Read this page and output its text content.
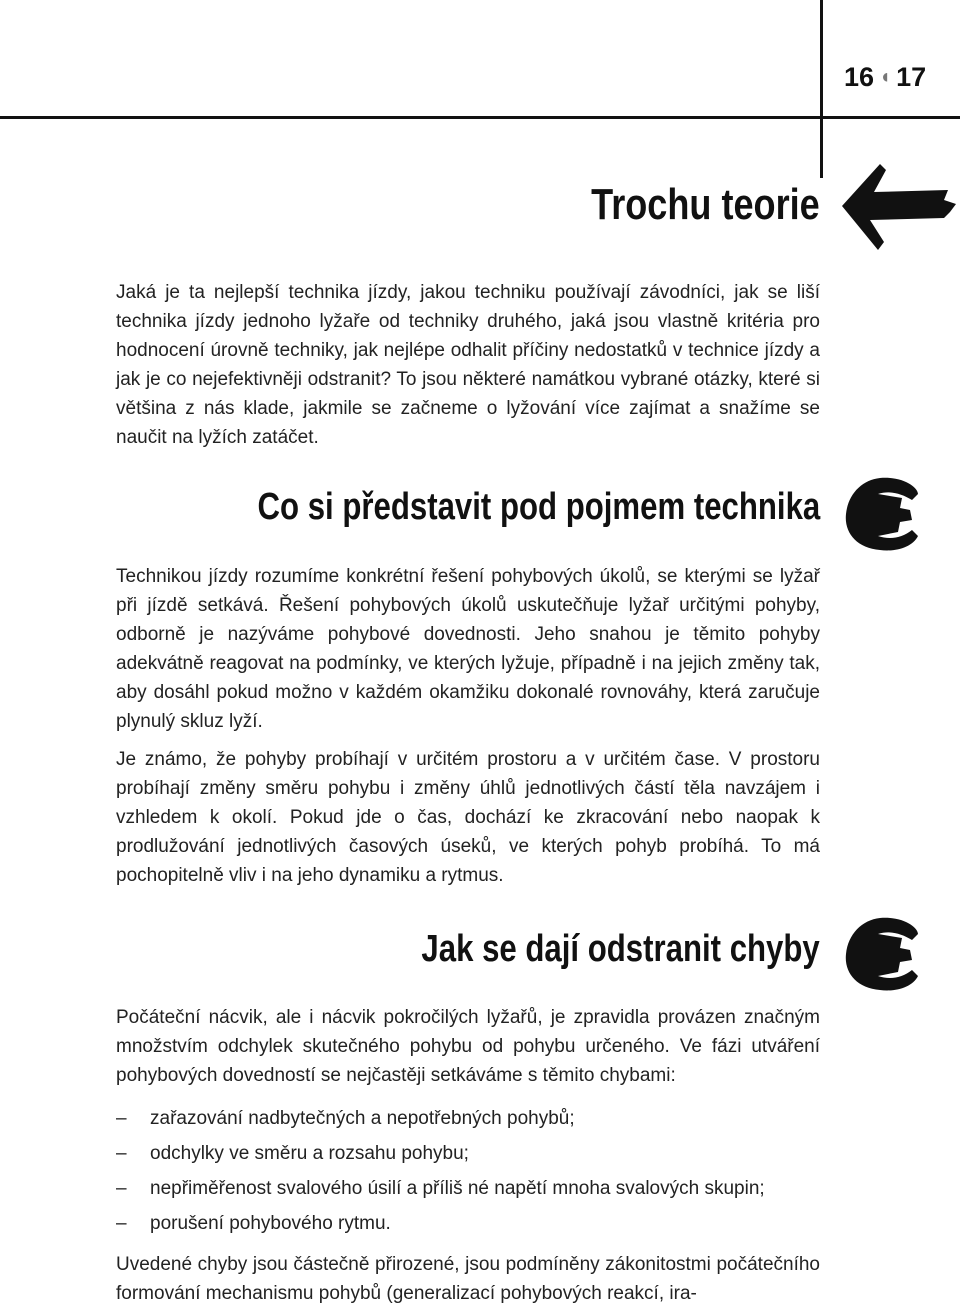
16 ◖ 17
Trochu teorie

Jaká je ta nejlepší technika jízdy, jakou techniku používají závodníci, jak se liší technika jízdy jednoho lyžaře od techniky druhého, jaká jsou vlastně kritéria pro hodnocení úrovně techniky, jak nejlépe odhalit příčiny nedostatků v technice jízdy a jak je co nejefektivněji odstranit? To jsou některé namátkou vybrané otázky, které si většina z nás klade, jakmile se začneme o lyžování více zajímat a snažíme se naučit na lyžích zatáčet.

Co si představit pod pojmem technika

Technikou jízdy rozumíme konkrétní řešení pohybových úkolů, se kterými se lyžař při jízdě setkává. Řešení pohybových úkolů uskutečňuje lyžař určitými pohyby, odborně je nazýváme pohybové dovednosti. Jeho snahou je těmito pohyby adekvátně reagovat na podmínky, ve kterých lyžuje, případně i na jejich změny tak, aby dosáhl pokud možno v každém okamžiku dokonalé rovnováhy, která zaručuje plynulý skluz lyží.

Je známo, že pohyby probíhají v určitém prostoru a v určitém čase. V prostoru probíhají změny směru pohybu i změny úhlů jednotlivých částí těla navzájem i vzhledem k okolí. Pokud jde o čas, dochází ke zkracování nebo naopak k prodlužování jednotlivých časových úseků, ve kterých pohyb probíhá. To má pochopitelně vliv i na jeho dynamiku a rytmus.

Jak se dají odstranit chyby

Počáteční nácvik, ale i nácvik pokročilých lyžařů, je zpravidla provázen značným množstvím odchylek skutečného pohybu od pohybu určeného. Ve fázi utváření pohybových dovedností se nejčastěji setkáváme s těmito chybami:

– zařazování nadbytečných a nepotřebných pohybů;
– odchylky ve směru a rozsahu pohybu;
– nepřiměřenost svalového úsilí a příliš né napětí mnoha svalových skupin;
– porušení pohybového rytmu.

Uvedené chyby jsou částečně přirozené, jsou podmíněny zákonitostmi počátečního formování mechanismu pohybů (generalizací pohybových reakcí, ira-
